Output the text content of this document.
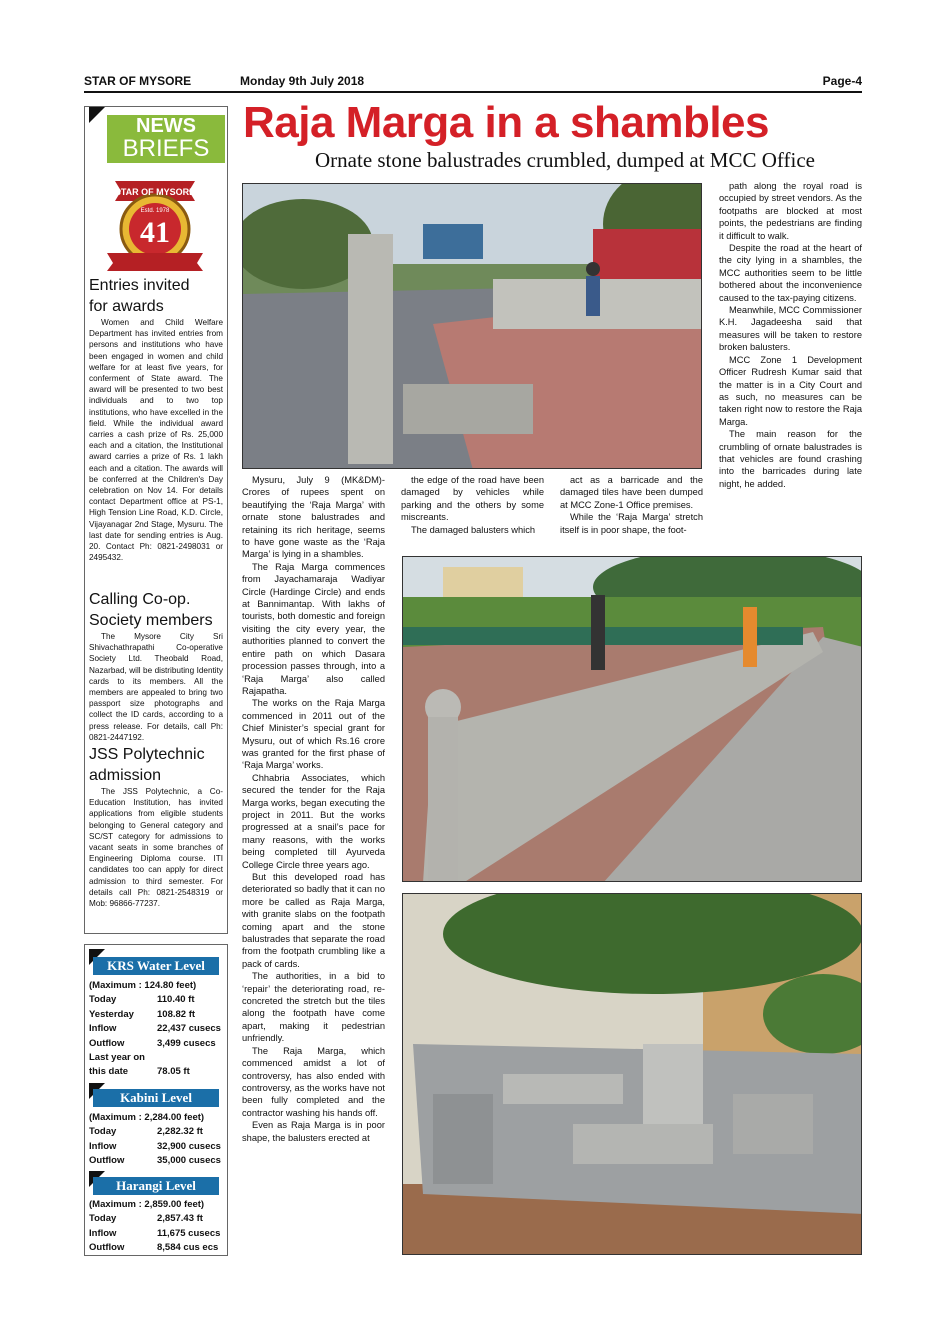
STAR OF MYSORE	Monday 9th July 2018	Page-4
NEWS
BRIEFS
STAR OF MYSORE
41
Estd. 1978
Entries invited
for awards
Women and Child Welfare Department has invited entries from persons and institutions who have been engaged in women and child welfare for at least five years, for conferment of State award. The award will be presented to two best individuals and to two top institutions, who have excelled in the field. While the individual award carries a cash prize of Rs. 25,000 each and a citation, the Institutional award carries a prize of Rs. 1 lakh each and a citation. The awards will be conferred at the Children's Day celebration on Nov 14. For details contact Department office at PS-1, High Tension Line Road, K.D. Circle, Vijayanagar 2nd Stage, Mysuru. The last date for sending entries is Aug. 20. Contact Ph: 0821-2498031 or 2495432.
Calling Co-op.
Society members
The Mysore City Sri Shivachathrapathi Co-operative Society Ltd. Theobald Road, Nazarbad, will be distributing Identity cards to its members. All the members are appealed to bring two passport size photographs and collect the ID cards, according to a press release. For details, call Ph: 0821-2447192.
JSS Polytechnic
admission
The JSS Polytechnic, a Co-Education Institution, has invited applications from eligible students belonging to General category and SC/ST category for admissions to vacant seats in some branches of Engineering Diploma course. ITI candidates too can apply for direct admission to third semester. For details call Ph: 0821-2548319 or Mob: 96866-77237.
KRS Water Level
(Maximum : 124.80 feet)
Today	110.40 ft
Yesterday 108.82 ft
Inflow	22,437 cusecs
Outflow	3,499 cusecs
Last year on
this date	78.05 ft
Kabini Level
(Maximum : 2,284.00 feet)
Today	2,282.32 ft
Inflow	32,900 cusecs
Outflow	35,000 cusecs
Harangi Level
(Maximum : 2,859.00 feet)
Today	2,857.43 ft
Inflow	11,675 cusecs
Outflow	8,584 cus ecs
Raja Marga in a shambles
Ornate stone balustrades crumbled, dumped at MCC Office

Mysuru, July 9 (MK&DM)- Crores of rupees spent on beautifying the ‘Raja Marga’ with ornate stone balustrades and retaining its rich heritage, seems to have gone waste as the ‘Raja Marga’ is lying in a shambles.

The Raja Marga commences from Jayachamaraja Wadiyar Circle (Hardinge Circle) and ends at Bannimantap. With lakhs of tourists, both domestic and foreign visiting the city every year, the authorities planned to convert the entire path on which Dasara procession passes through, into a ‘Raja Marga’ also called Rajapatha.

The works on the Raja Marga commenced in 2011 out of the Chief Minister’s special grant for Mysuru, out of which Rs.16 crore was granted for the first phase of ‘Raja Marga’ works.

Chhabria Associates, which secured the tender for the Raja Marga works, began executing the project in 2011. But the works progressed at a snail’s pace for many reasons, with the works being completed till Ayurveda College Circle three years ago.

But this developed road has deteriorated so badly that it can no more be called as Raja Marga, with granite slabs on the footpath coming apart and the stone balustrades that separate the road from the footpath crumbling like a pack of cards.

The authorities, in a bid to ‘repair’ the deteriorating road, re-concreted the stretch but the tiles along the footpath have come apart, making it pedestrian unfriendly.

The Raja Marga, which commenced amidst a lot of controversy, has also ended with controversy, as the works have not been fully completed and the contractor washing his hands off.

Even as Raja Marga is in poor shape, the balusters erected at

the edge of the road have been damaged by vehicles while parking and the others by some miscreants.

The damaged balusters which

act as a barricade and the damaged tiles have been dumped at MCC Zone-1 Office premises.

While the ‘Raja Marga’ stretch itself is in poor shape, the foot-

path along the royal road is occupied by street vendors. As the footpaths are blocked at most points, the pedestrians are finding it difficult to walk.

Despite the road at the heart of the city lying in a shambles, the MCC authorities seem to be little bothered about the inconvenience caused to the tax-paying citizens.

Meanwhile, MCC Commissioner K.H. Jagadeesha said that measures will be taken to restore broken balusters.

MCC Zone 1 Development Officer Rudresh Kumar said that the matter is in a City Court and as such, no measures can be taken right now to restore the Raja Marga.

The main reason for the crumbling of ornate balustrades is that vehicles are found crashing into the barricades during late night, he added.
